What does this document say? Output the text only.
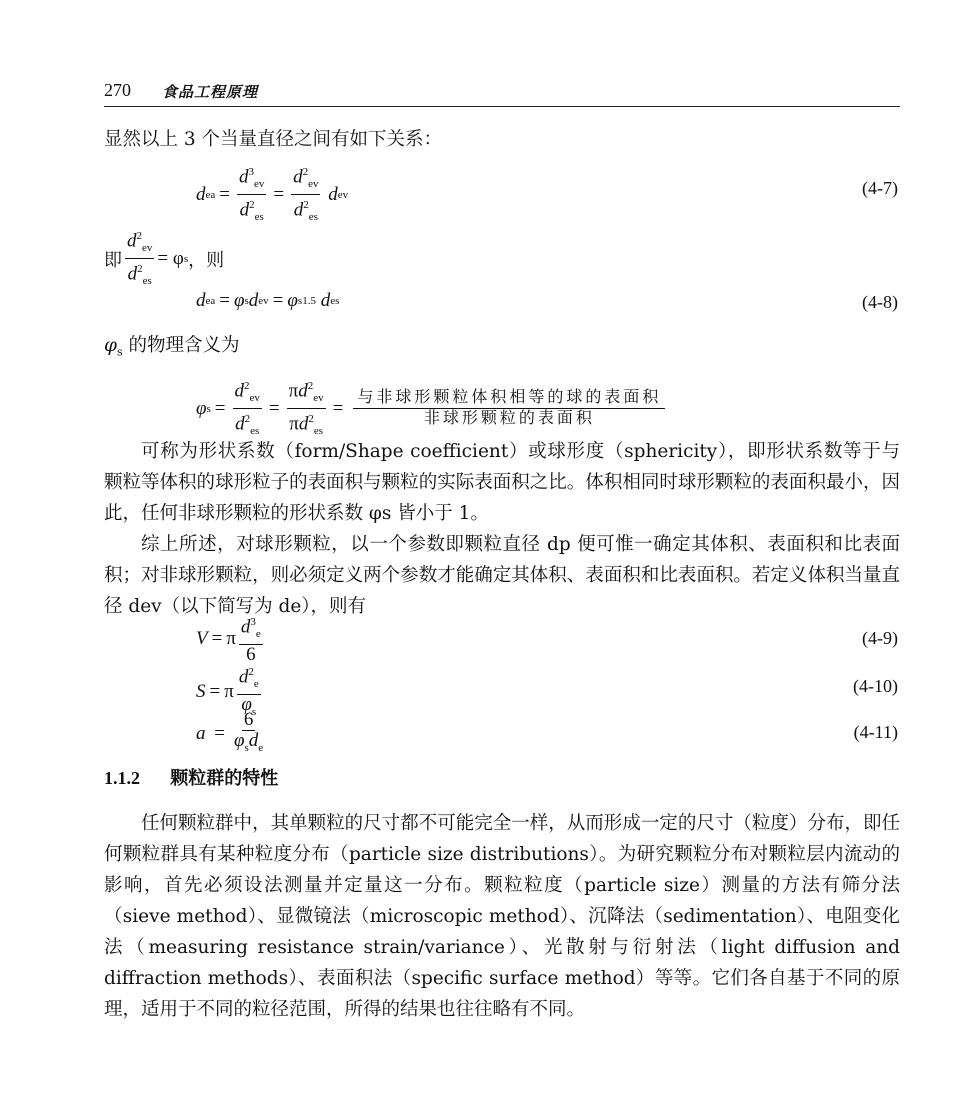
270 食品工程原理
显然以上 3 个当量直径之间有如下关系：
d ea = $\frac{d^3_{ev}}{d^2_{es}} = \frac{d^2_{ev}}{d^2_{es}}$ d ev	(4-7)
即 $\frac{d^2_{ev}}{d^2_{es}} = \varphi$ s ，则
d ea = φ s d ev = φ s 1.5 d es	(4-8)
$\varphi_s$ 的物理含义为
φ $s = \frac{d^2_{ev}}{d^2_{es}} = \frac{\pi d^2_{ev}}{\pi d^2_{es}} = \frac{\text{与非球形颗粒体积相等的球的表面积}}{\text{非球形颗粒的表面积}}$
可称为形状系数（form/Shape coefficient）或球形度（sphericity），即形状系数等于与颗粒等体积的球形粒子的表面积与颗粒的实际表面积之比。体积相同时球形颗粒的表面积最小，因此，任何非球形颗粒的形状系数 φs 皆小于 1。
综上所述，对球形颗粒，以一个参数即颗粒直径 dp 便可惟一确定其体积、表面积和比表面积；对非球形颗粒，则必须定义两个参数才能确定其体积、表面积和比表面积。若定义体积当量直径 dev（以下简写为 de），则有
V = π $\frac{d^3_e}{6}$	(4-9)
S = π $\frac{d^2_e}{\varphi_s}$	(4-10)
$a = \frac{6}{\varphi_sd_e}$	(4-11)
1.1.2 颗粒群的特性
任何颗粒群中，其单颗粒的尺寸都不可能完全一样，从而形成一定的尺寸（粒度）分布，即任何颗粒群具有某种粒度分布（particle size distributions）。为研究颗粒分布对颗粒层内流动的影响，首先必须设法测量并定量这一分布。颗粒粒度（particle size）测量的方法有筛分法（sieve method）、显微镜法（microscopic method）、沉降法（sedimentation）、电阻变化法（measuring resistance strain/variance）、光散射与衍射法（light diffusion and diffraction methods）、表面积法（specific surface method）等等。它们各自基于不同的原理，适用于不同的粒径范围，所得的结果也往往略有不同。
